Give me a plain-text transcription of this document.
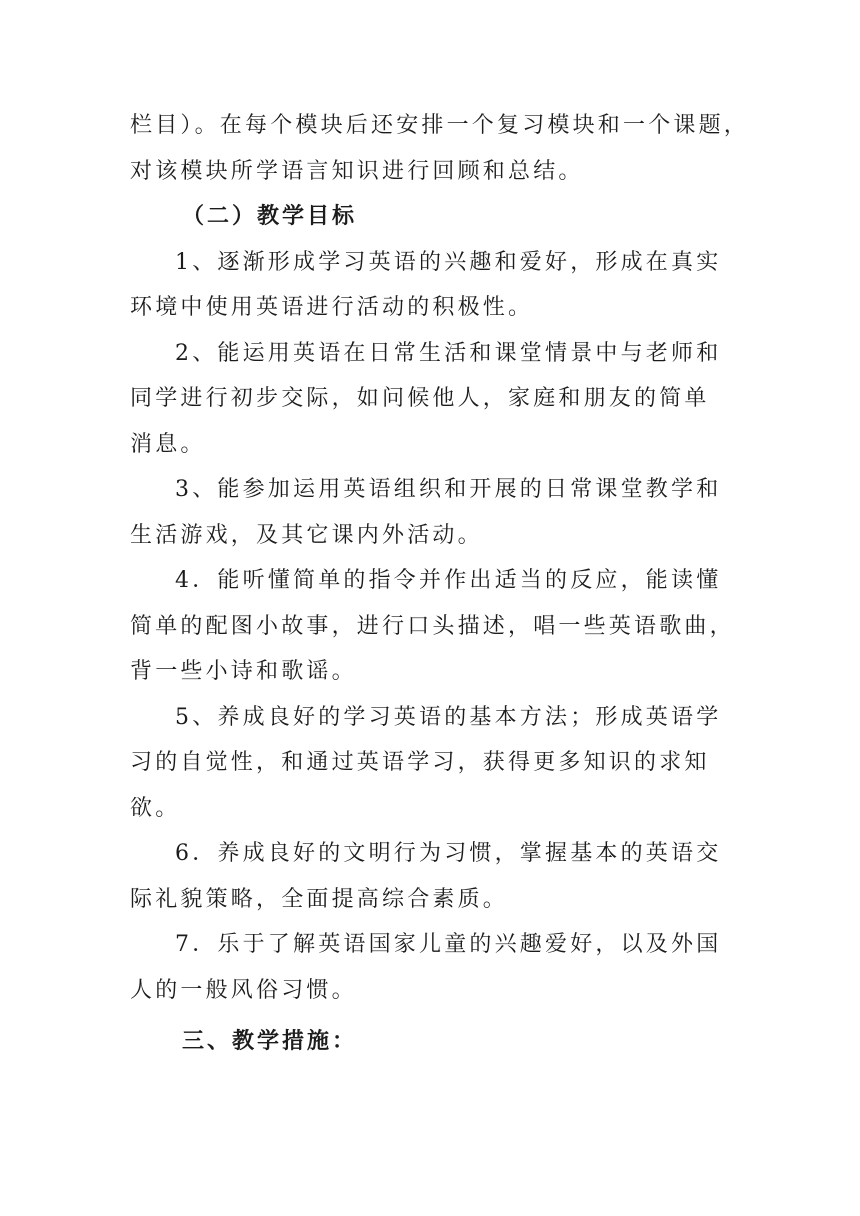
栏目）。在每个模块后还安排一个复习模块和一个课题，
对该模块所学语言知识进行回顾和总结。
（二）教学目标
1、逐渐形成学习英语的兴趣和爱好，形成在真实
环境中使用英语进行活动的积极性。
2、能运用英语在日常生活和课堂情景中与老师和
同学进行初步交际，如问候他人，家庭和朋友的简单
消息。
3、能参加运用英语组织和开展的日常课堂教学和
生活游戏，及其它课内外活动。
4．能听懂简单的指令并作出适当的反应，能读懂
简单的配图小故事，进行口头描述，唱一些英语歌曲，
背一些小诗和歌谣。
5、养成良好的学习英语的基本方法；形成英语学
习的自觉性，和通过英语学习，获得更多知识的求知
欲。
6．养成良好的文明行为习惯，掌握基本的英语交
际礼貌策略，全面提高综合素质。
7．乐于了解英语国家儿童的兴趣爱好，以及外国
人的一般风俗习惯。
三、教学措施：
